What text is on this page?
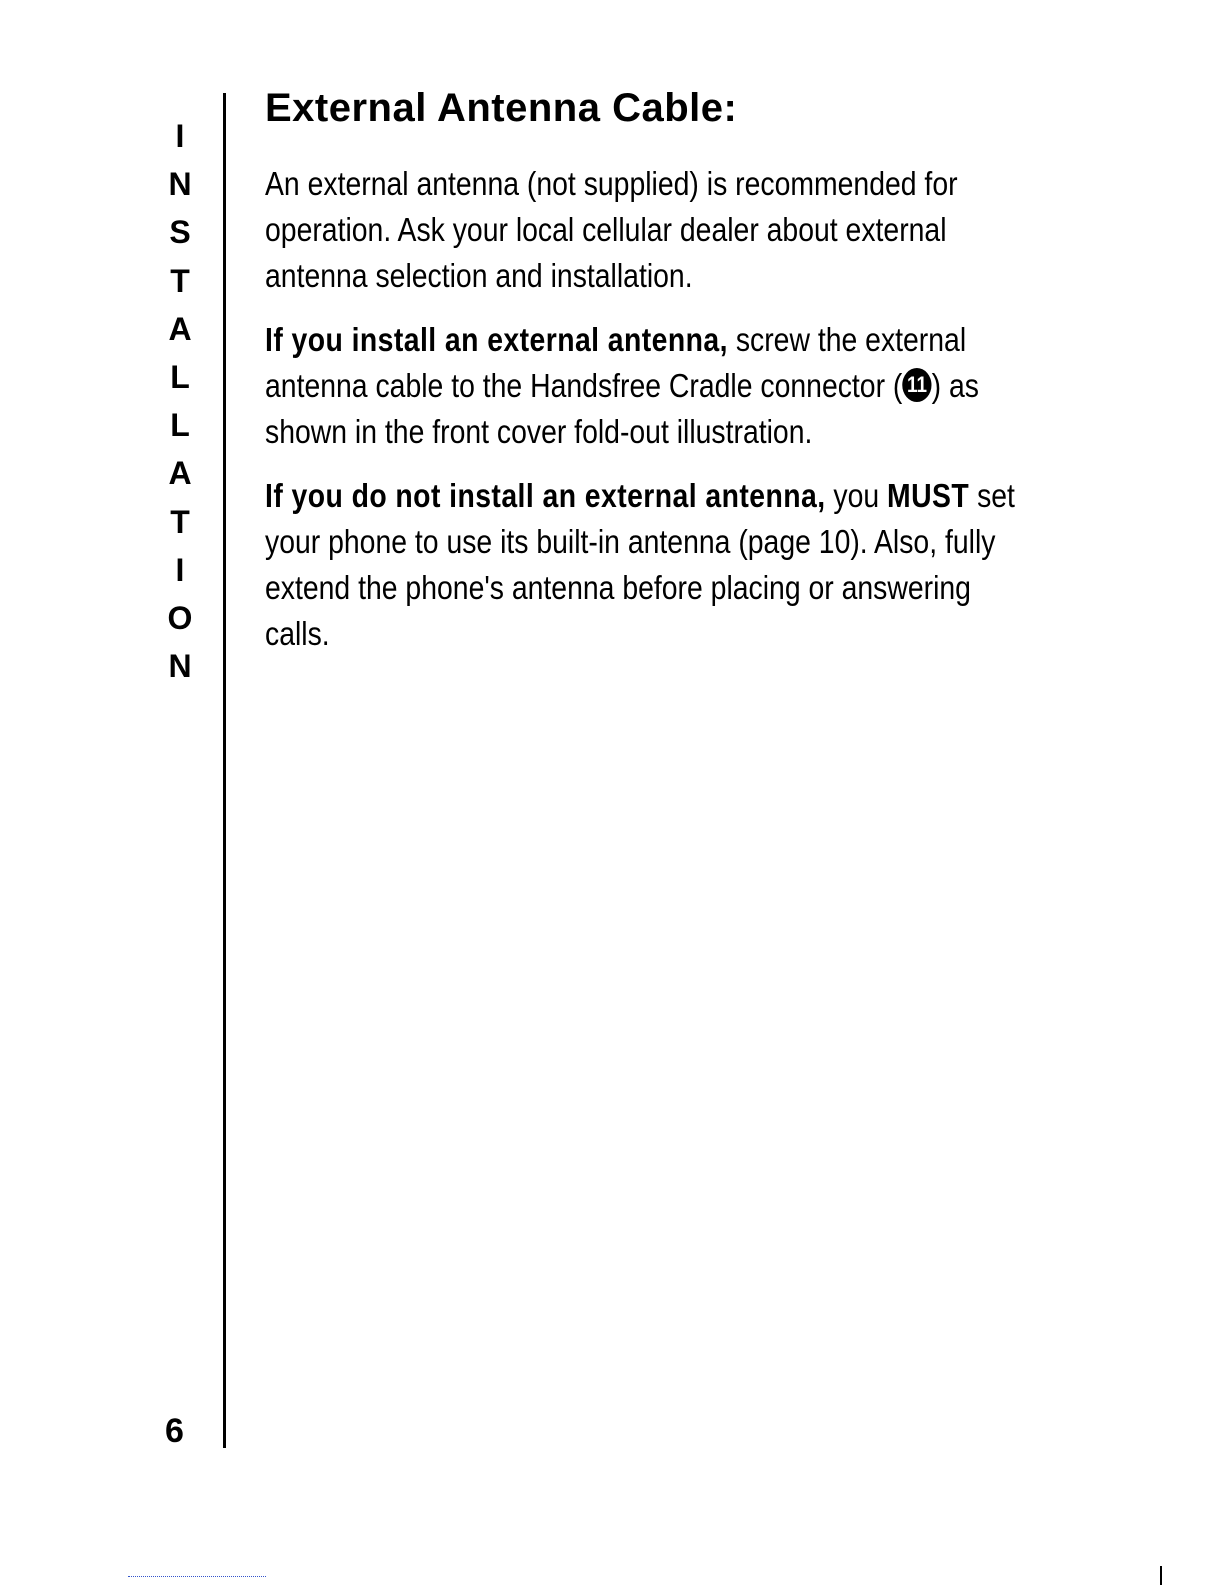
I
N
S
T
A
L
L
A
T
I
O
N
6
External Antenna Cable:

An external antenna (not supplied) is recommended for operation. Ask your local cellular dealer about external antenna selection and installation.

If you install an external antenna, screw the external antenna cable to the Handsfree Cradle connector ( 11 ) as shown in the front cover fold-out illustration.

If you do not install an external antenna, you MUST set your phone to use its built-in antenna (page 10). Also, fully extend the phone's antenna before placing or answering calls.
